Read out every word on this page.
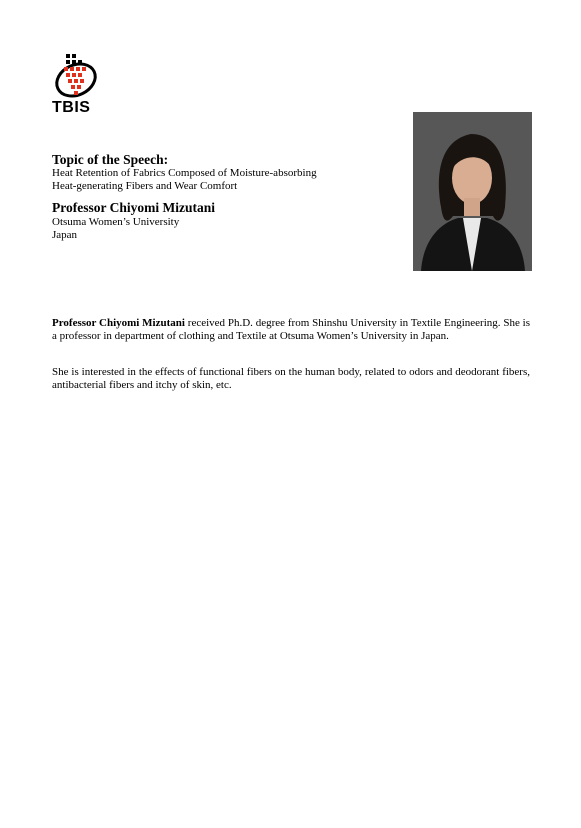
TBIS
Topic of the Speech:
Heat Retention of Fabrics Composed of Moisture-absorbing
Heat-generating Fibers and Wear Comfort
Professor Chiyomi Mizutani
Otsuma Women’s University
Japan

Professor Chiyomi Mizutani received Ph.D. degree from Shinshu University in Textile Engineering. She is a professor in department of clothing and Textile at Otsuma Women’s University in Japan.

She is interested in the effects of functional fibers on the human body, related to odors and deodorant fibers, antibacterial fibers and itchy of skin, etc.
